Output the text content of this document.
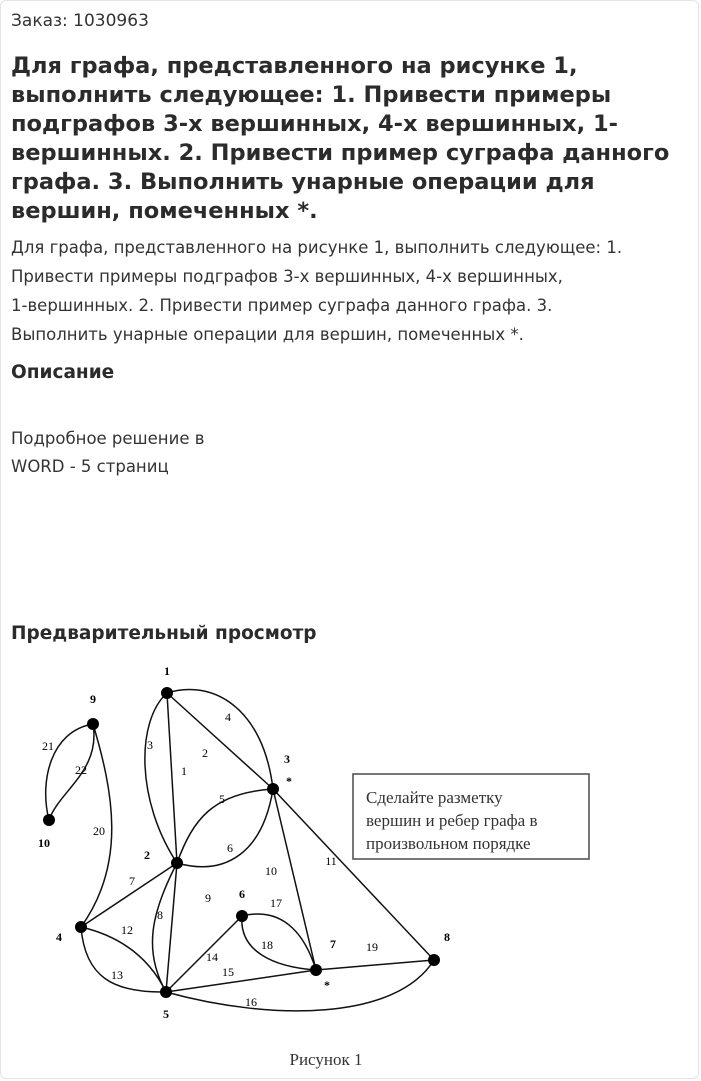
Заказ: 1030963
Для графа, представленного на рисунке 1, выполнить следующее: 1. Привести примеры подграфов 3-х вершинных, 4-х вершинных, 1-вершинных. 2. Привести пример суграфа данного графа. 3. Выполнить унарные операции для вершин, помеченных *.

Для графа, представленного на рисунке 1, выполнить следующее: 1.
Привести примеры подграфов 3-х вершинных, 4-х вершинных,
1-вершинных. 2. Привести пример суграфа данного графа. 3.
Выполнить унарные операции для вершин, помеченных *.

Описание

Подробное решение в
WORD - 5 страниц

Предварительный просмотр
1
2
3
4
5
6
7
8
9
10
11
12
13
14
15
16
17
18	19
20
21
22
1
2
3
*
4
5
6
7
*
8
9
10
Сделайте разметку
вершин и ребер графа в
произвольном порядке
Рисунок 1
